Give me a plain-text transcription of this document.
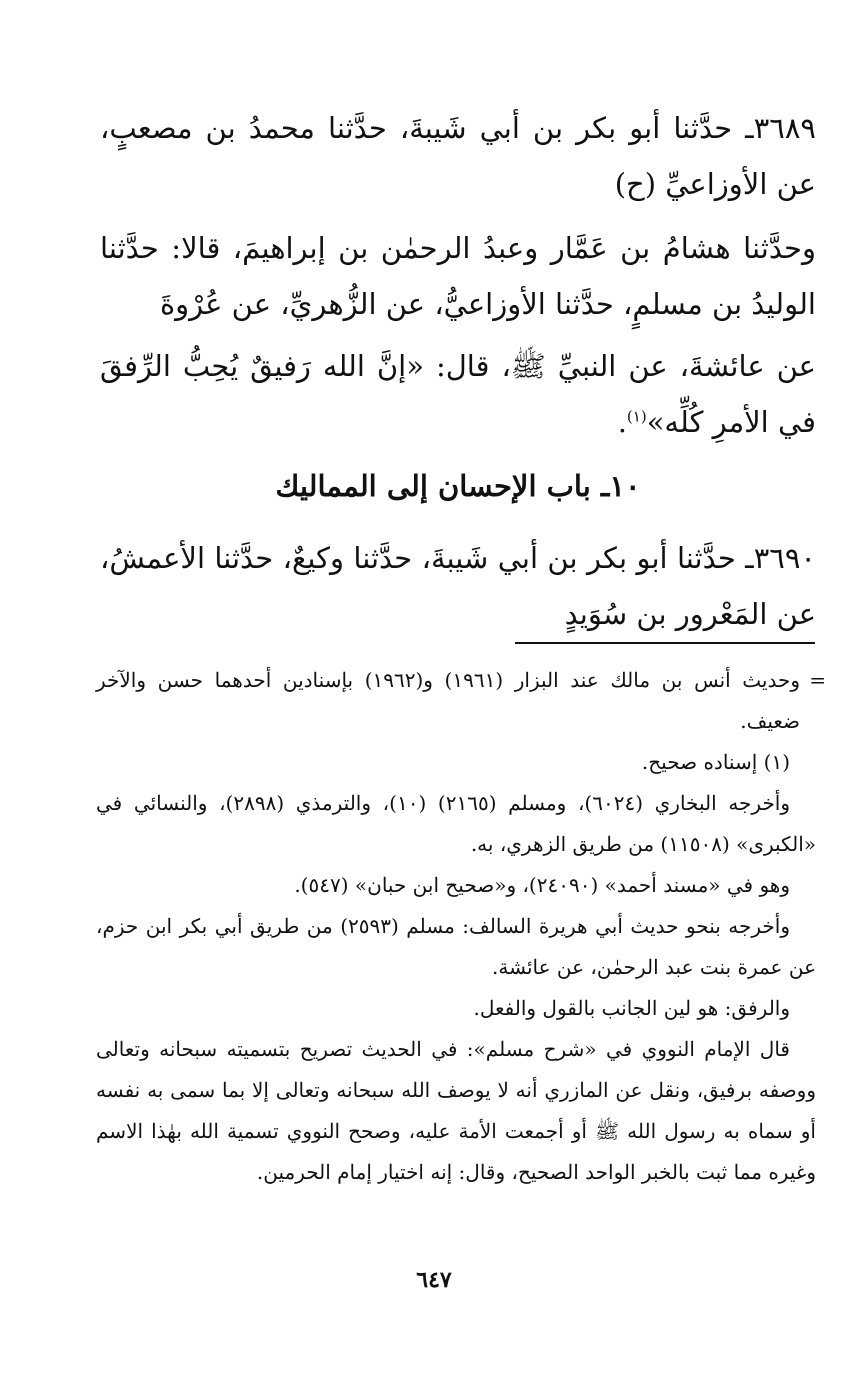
٣٦٨٩ـ حدَّثنا أبو بكر بن أبي شَيبةَ، حدَّثنا محمدُ بن مصعبٍ، عن الأوزاعيِّ (ح)

وحدَّثنا هشامُ بن عَمَّار وعبدُ الرحمٰن بن إبراهيمَ، قالا: حدَّثنا الوليدُ بن مسلمٍ، حدَّثنا الأوزاعيُّ، عن الزُّهريِّ، عن عُرْوةَ

عن عائشةَ، عن النبيِّ ﷺ، قال: «إنَّ الله رَفيقٌ يُحِبُّ الرِّفقَ في الأمرِ كُلِّه»$^{(١)}$.

١٠ـ باب الإحسان إلى المماليك

٣٦٩٠ـ حدَّثنا أبو بكر بن أبي شَيبةَ، حدَّثنا وكيعٌ، حدَّثنا الأعمشُ، عن المَعْرور بن سُوَيدٍ

=

وحديث أنس بن مالك عند البزار (١٩٦١) و(١٩٦٢) بإسنادين أحدهما حسن والآخر ضعيف.

(١) إسناده صحيح.

وأخرجه البخاري (٦٠٢٤)، ومسلم (٢١٦٥) (١٠)، والترمذي (٢٨٩٨)، والنسائي في «الكبرى» (١١٥٠٨) من طريق الزهري، به.

وهو في «مسند أحمد» (٢٤٠٩٠)، و«صحيح ابن حبان» (٥٤٧).

وأخرجه بنحو حديث أبي هريرة السالف: مسلم (٢٥٩٣) من طريق أبي بكر ابن حزم، عن عمرة بنت عبد الرحمٰن، عن عائشة.

والرفق: هو لين الجانب بالقول والفعل.

قال الإمام النووي في «شرح مسلم»: في الحديث تصريح بتسميته سبحانه وتعالى ووصفه برفيق، ونقل عن المازري أنه لا يوصف الله سبحانه وتعالى إلا بما سمى به نفسه أو سماه به رسول الله ﷺ أو أجمعت الأمة عليه، وصحح النووي تسمية الله بهٰذا الاسم وغيره مما ثبت بالخبر الواحد الصحيح، وقال: إنه اختيار إمام الحرمين.

٦٤٧
